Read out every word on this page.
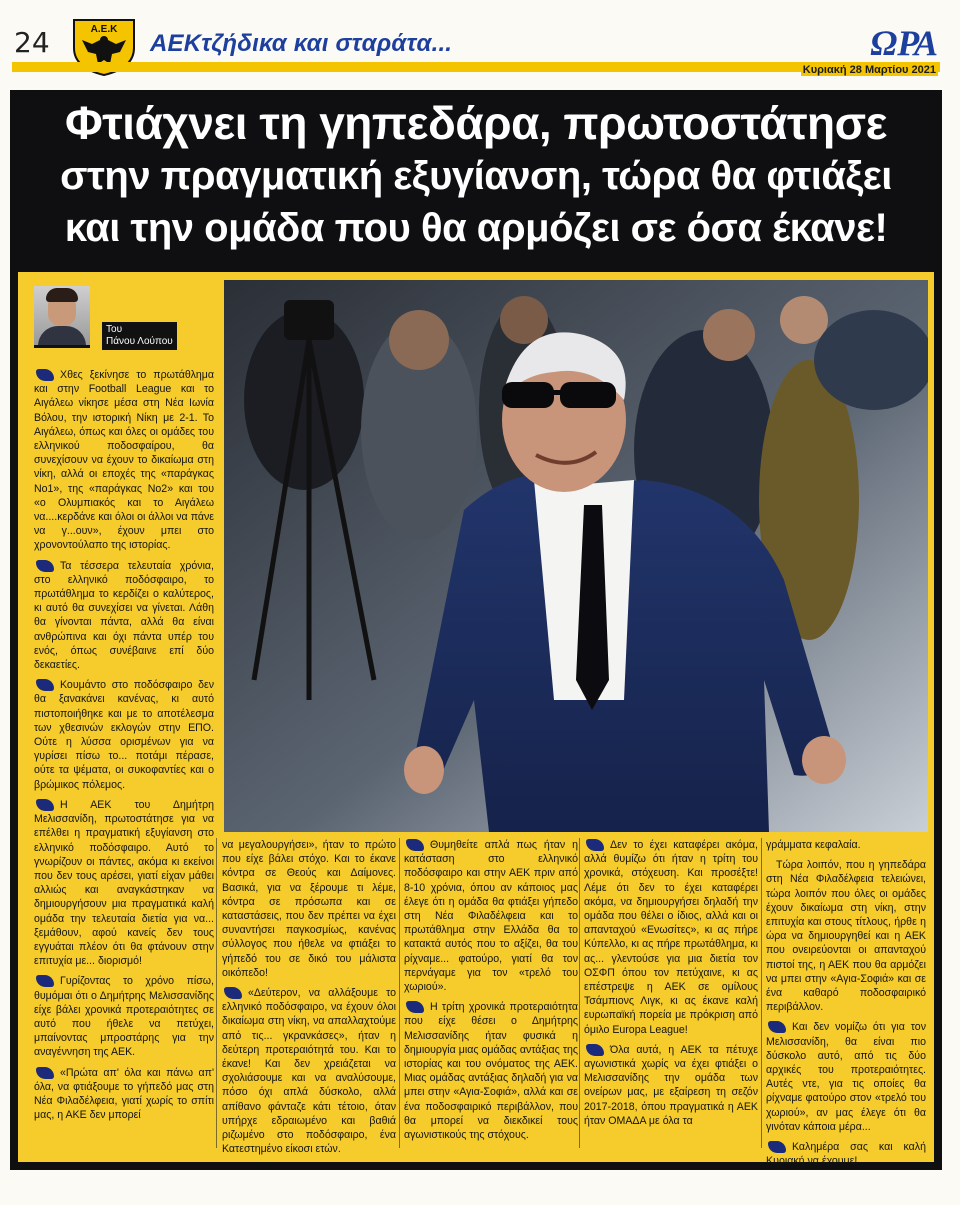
24	Α.Ε.Κ
ΑΕΚτζήδικα και σταράτα...	ΩΡΑ
Κυριακή 28 Μαρτίου 2021
Φτιάχνει τη γηπεδάρα, πρωτοστάτησε
στην πραγματική εξυγίανση, τώρα θα φτιάξει
και την ομάδα που θα αρμόζει σε όσα έκανε!
Του
Πάνου Λούπου

Χθες ξεκίνησε το πρωτάθλημα και στην Football League και το Αιγάλεω νίκησε μέσα στη Νέα Ιωνία Βόλου, την ιστορική Νίκη με 2-1. Το Αιγάλεω, όπως και όλες οι ομάδες του ελληνικού ποδοσφαίρου, θα συνεχίσουν να έχουν το δικαίωμα στη νίκη, αλλά οι εποχές της «παράγκας Νο1», της «παράγκας Νο2» και του «ο Ολυμπιακός και το Αιγάλεω να....κερδάνε και όλοι οι άλλοι να πάνε να γ...ουν», έχουν μπει στο χρονοντούλαπο της ιστορίας.

Τα τέσσερα τελευταία χρόνια, στο ελληνικό ποδόσφαιρο, το πρωτάθλημα το κερδίζει ο καλύτερος, κι αυτό θα συνεχίσει να γίνεται. Λάθη θα γίνονται πάντα, αλλά θα είναι ανθρώπινα και όχι πάντα υπέρ του ενός, όπως συνέβαινε επί δύο δεκαετίες.

Κουμάντο στο ποδόσφαιρο δεν θα ξανακάνει κανένας, κι αυτό πιστοποιήθηκε και με το αποτέλεσμα των χθεσινών εκλογών στην ΕΠΟ. Ούτε η λύσσα ορισμένων για να γυρίσει πίσω το... ποτάμι πέρασε, ούτε τα ψέματα, οι συκοφαντίες και ο βρώμικος πόλεμος.

Η ΑΕΚ του Δημήτρη Μελισσανίδη, πρωτοστάτησε για να επέλθει η πραγματική εξυγίανση στο ελληνικό ποδόσφαιρο. Αυτό το γνωρίζουν οι πάντες, ακόμα κι εκείνοι που δεν τους αρέσει, γιατί είχαν μάθει αλλιώς και αναγκάστηκαν να δημιουργήσουν μια πραγματικά καλή ομάδα την τελευταία διετία για να... ξεμάθουν, αφού κανείς δεν τους εγγυάται πλέον ότι θα φτάνουν στην επιτυχία με... διορισμό!

Γυρίζοντας το χρόνο πίσω, θυμόμαι ότι ο Δημήτρης Μελισσανίδης είχε βάλει χρονικά προτεραιότητες σε αυτό που ήθελε να πετύχει, μπαίνοντας μπροστάρης για την αναγέννηση της ΑΕΚ.

«Πρώτα απ' όλα και πάνω απ' όλα, να φτιάξουμε το γήπεδό μας στη Νέα Φιλαδέλφεια, γιατί χωρίς το σπίτι μας, η ΑΚΕ δεν μπορεί

να μεγαλουργήσει», ήταν το πρώτο που είχε βάλει στόχο. Και το έκανε κόντρα σε Θεούς και Δαίμονες. Βασικά, για να ξέρουμε τι λέμε, κόντρα σε πρόσωπα και σε καταστάσεις, που δεν πρέπει να έχει συναντήσει παγκοσμίως, κανένας σύλλογος που ήθελε να φτιάξει το γήπεδό του σε δικό του μάλιστα οικόπεδο!

«Δεύτερον, να αλλάξουμε το ελληνικό ποδόσφαιρο, να έχουν όλοι δικαίωμα στη νίκη, να απαλλαχτούμε από τις... γκρανκάσες», ήταν η δεύτερη προτεραιότητά του. Και το έκανε! Και δεν χρειάζεται να σχολιάσουμε και να αναλύσουμε, πόσο όχι απλά δύσκολο, αλλά απίθανο φάνταζε κάτι τέτοιο, όταν υπήρχε εδραιωμένο και βαθιά ριζωμένο στο ποδόσφαιρο, ένα Κατεστημένο είκοσι ετών.

Θυμηθείτε απλά πως ήταν η κατάσταση στο ελληνικό ποδόσφαιρο και στην ΑΕΚ πριν από 8-10 χρόνια, όπου αν κάποιος μας έλεγε ότι η ομάδα θα φτιάξει γήπεδο στη Νέα Φιλαδέλφεια και το πρωτάθλημα στην Ελλάδα θα το κατακτά αυτός που το αξίζει, θα του ρίχναμε... φατούρο, γιατί θα τον περνάγαμε για τον «τρελό του χωριού».

Η τρίτη χρονικά προτεραιότητα που είχε θέσει ο Δημήτρης Μελισσανίδης ήταν φυσικά η δημιουργία μιας ομάδας αντάξιας της ιστορίας και του ονόματος της ΑΕΚ. Μιας ομάδας αντάξιας δηλαδή για να μπει στην «Αγια-Σοφιά», αλλά και σε ένα ποδοσφαιρικό περιβάλλον, που θα μπορεί να διεκδικεί τους αγωνιστικούς της στόχους.

Δεν το έχει καταφέρει ακόμα, αλλά θυμίζω ότι ήταν η τρίτη του χρονικά, στόχευση. Και προσέξτε! Λέμε ότι δεν το έχει καταφέρει ακόμα, να δημιουργήσει δηλαδή την ομάδα που θέλει ο ίδιος, αλλά και οι απανταχού «Ενωσίτες», κι ας πήρε Κύπελλο, κι ας πήρε πρωτάθλημα, κι ας... γλεντούσε για μια διετία τον ΟΣΦΠ όπου τον πετύχαινε, κι ας επέστρεψε η ΑΕΚ σε ομίλους Τσάμπιονς Λιγκ, κι ας έκανε καλή ευρωπαϊκή πορεία με πρόκριση από όμιλο Europa League!

Όλα αυτά, η ΑΕΚ τα πέτυχε αγωνιστικά χωρίς να έχει φτιάξει ο Μελισσανίδης την ομάδα των ονείρων μας, με εξαίρεση τη σεζόν 2017-2018, όπου πραγματικά η ΑΕΚ ήταν ΟΜΑΔΑ με όλα τα

γράμματα κεφαλαία.

Τώρα λοιπόν, που η γηπεδάρα στη Νέα Φιλαδέλφεια τελειώνει, τώρα λοιπόν που όλες οι ομάδες έχουν δικαίωμα στη νίκη, στην επιτυχία και στους τίτλους, ήρθε η ώρα να δημιουργηθεί και η ΑΕΚ που ονειρεύονται οι απανταχού πιστοί της, η ΑΕΚ που θα αρμόζει να μπει στην «Αγια-Σοφιά» και σε ένα καθαρό ποδοσφαιρικό περιβάλλον.

Και δεν νομίζω ότι για τον Μελισσανίδη, θα είναι πιο δύσκολο αυτό, από τις δύο αρχικές του προτεραιότητες. Αυτές ντε, για τις οποίες θα ρίχναμε φατούρο στον «τρελό του χωριού», αν μας έλεγε ότι θα γινόταν κάποια μέρα...

Καλημέρα σας και καλή Κυριακή να έχουμε!
